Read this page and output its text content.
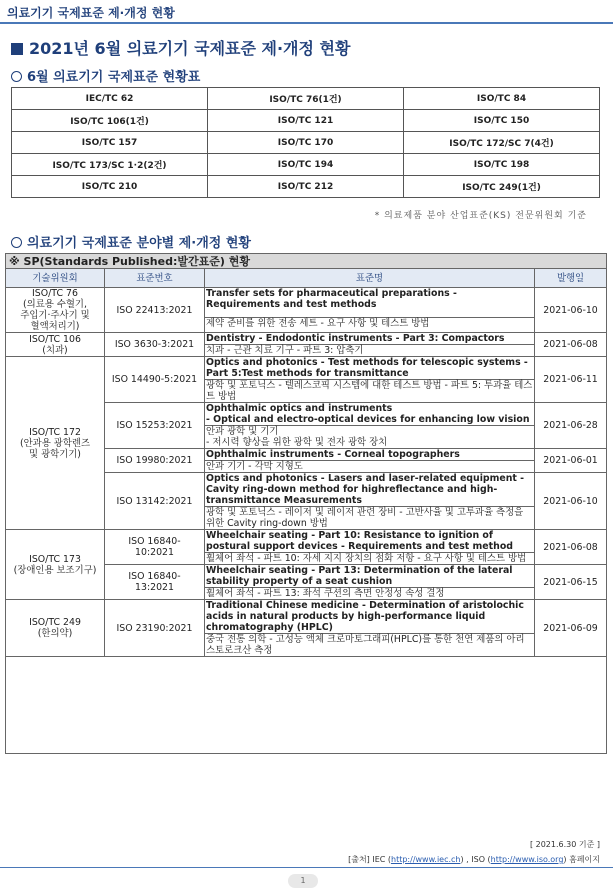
의료기기 국제표준 제·개정 현황
2021년 6월 의료기기 국제표준 제·개정 현황
6월 의료기기 국제표준 현황표
IEC/TC 62	ISO/TC 76(1건)	ISO/TC 84
ISO/TC 106(1건)	ISO/TC 121	ISO/TC 150
ISO/TC 157	ISO/TC 170	ISO/TC 172/SC 7(4건)
ISO/TC 173/SC 1·2(2건)	ISO/TC 194	ISO/TC 198
ISO/TC 210	ISO/TC 212	ISO/TC 249(1건)
* 의료제품 분야 산업표준(KS) 전문위원회 기준
의료기기 국제표준 분야별 제·개정 현황
※ SP(Standards Published:발간표준) 현황			
기술위원회	표준번호	표준명	발행일
ISO/TC 76
(의료용 수혈기,
주입기·주사기 및
혈액처리기)	ISO 22413:2021	Transfer sets for pharmaceutical preparations - Requirements and test methods	2021-06-10
		제약 준비를 위한 전송 세트 - 요구 사항 및 테스트 방법	
ISO/TC 106
(치과)	ISO 3630-3:2021	Dentistry - Endodontic instruments - Part 3: Compactors	2021-06-08
		치과 - 근관 치료 기구 - 파트 3: 압축기	
ISO/TC 172
(안과용 광학렌즈
및 광학기기)	ISO 14490-5:2021	Optics and photonics - Test methods for telescopic systems - Part 5:Test methods for transmittance	2021-06-11
		광학 및 포토닉스 - 텔레스코픽 시스템에 대한 테스트 방법 - 파트 5: 투과율 테스트 방법	
	ISO 15253:2021	Ophthalmic optics and instruments
- Optical and electro-optical devices for enhancing low vision	2021-06-28
		안과 광학 및 기기
- 저시력 향상을 위한 광학 및 전자 광학 장치	
	ISO 19980:2021	Ophthalmic instruments - Corneal topographers	2021-06-01
		안과 기기 - 각막 지형도	
	ISO 13142:2021	Optics and photonics - Lasers and laser-related equipment - Cavity ring-down method for highreflectance and high-transmittance Measurements	2021-06-10
		광학 및 포토닉스 - 레이저 및 레이저 관련 장비 - 고반사율 및 고투과율 측정을 위한 Cavity ring-down 방법	
ISO/TC 173
(장애인용 보조기구)	ISO 16840-
10:2021	Wheelchair seating - Part 10: Resistance to ignition of postural support devices - Requirements and test method	2021-06-08
		휠체어 좌석 - 파트 10: 자세 지지 장치의 점화 저항 - 요구 사항 및 테스트 방법	
	ISO 16840-
13:2021	Wheelchair seating - Part 13: Determination of the lateral stability property of a seat cushion	2021-06-15
		휠체어 좌석 - 파트 13: 좌석 쿠션의 측면 안정성 속성 결정	
ISO/TC 249
(한의약)	ISO 23190:2021	Traditional Chinese medicine - Determination of aristolochic acids in natural products by high-performance liquid chromatography (HPLC)	2021-06-09
		중국 전통 의학 - 고성능 액체 크로마토그래피(HPLC)를 통한 천연 제품의 아리스토로크산 측정	

[ 2021.6.30 기준 ]
[출처] IEC (http://www.iec.ch) , ISO (http://www.iso.org) 홈페이지
1
